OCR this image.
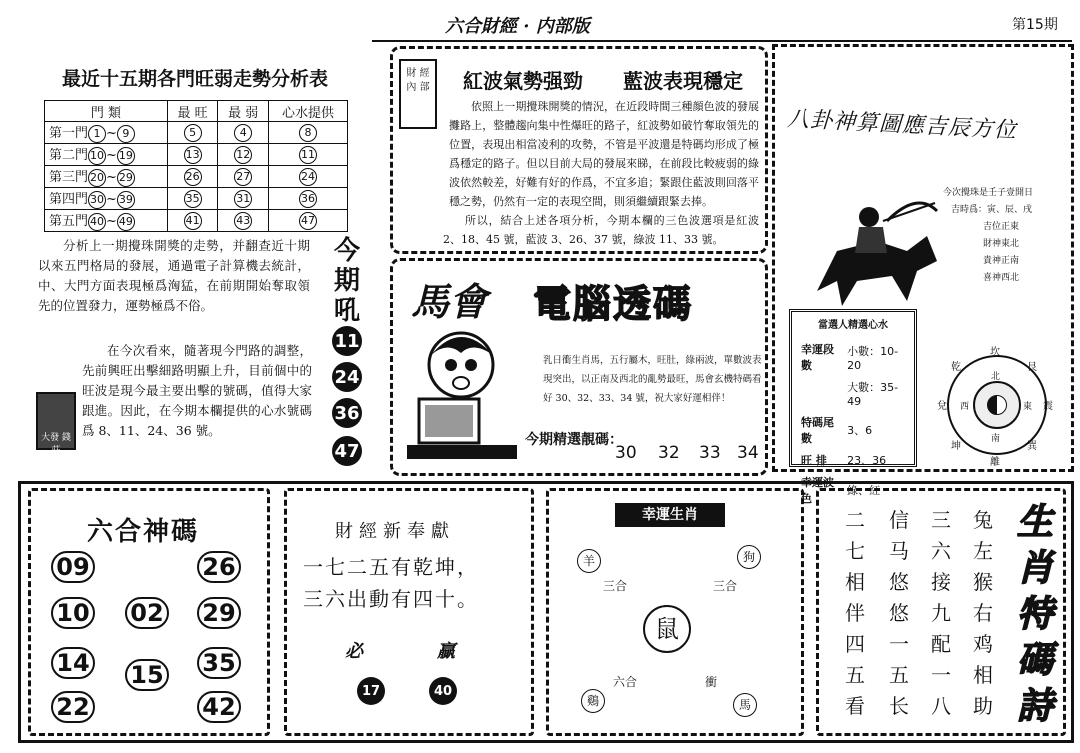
六合財經 · 内部版	第15期
最近十五期各門旺弱走勢分析表
門 類	最 旺	最 弱	心水提供
第一門 1 ~ 9	5	4	8
第二門 10 ~ 19	13	12	11
第三門 20 ~ 29	26	27	24
第四門 30 ~ 39	35	31	36
第五門 40 ~ 49	41	43	47

分析上一期攪珠開獎的走勢，并翻查近十期以來五門格局的發展，通過電子計算機去統計，中、大門方面表現極爲洶猛，在前期開始奪取領先的位置發力，運勢極爲不俗。

大發 錢莊

在今次看來，隨著現今門路的調整，先前興旺出擊細路明顯上升，目前個中的旺波是現今最主要出擊的號碼，值得大家跟進。因此，在今期本欄提供的心水號碼爲 8、11、24、36 號。

今
期
吼
11
24
36
47
財 經 內 部	紅波氣勢强勁 藍波表現穩定

依照上一期攪珠開獎的情況，在近段時間三種顔色波的發展攤路上，整體趨向集中性爆旺的路子，紅波勢如破竹奪取領先的位置，表現出相當凌利的攻勢，不管是平波還是特碼均形成了極爲穩定的路子。但以目前大局的發展來睇，在前段比較疲弱的綠波依然較差，好難有好的作爲，不宜多追；緊跟住藍波則回落平穩之勢，仍然有一定的表現空間，則須繼續跟緊去捧。

所以，結合上述各項分析，今期本欄的三色波選項是紅波 2、18、45 號，藍波 3、26、37 號，綠波 11、33 號。

馬會 電腦透碼

乳日衝生肖馬，五行屬木，旺肚，綠兩波，單數波表現突出，以正南及西北的亂勢最旺，馬會玄機特碼看好 30、32、33、34 號，祝大家好運相伴！

今期精選靚碼：
30 32 33 34
八卦神算圖應吉辰方位
今次攪珠是壬子壹開日
吉時爲：寅、辰、戌
吉位正東
財神東北
貴神正南
喜神西北
當選人精選心水
幸運段數	小數：10-20
	大數：35-49
特碼尾數	3、6
旺 排	23、36
幸運波色	綠、紅
坎
艮
震
巽
離
坤
兌
乾
北
東
南
西
六合神碼
09	26
10 02 29
14 15 35
22	42
財經新奉獻
一七二五有乾坤，
三六出動有四十。
必	贏
17	40
幸運生肖
羊	狗
三合	三合
鼠
六合	衝
鷄	馬
二七相伴四五看
信马悠悠一五长
三六接九配一八
兔左猴右鸡相助
生肖特碼詩
